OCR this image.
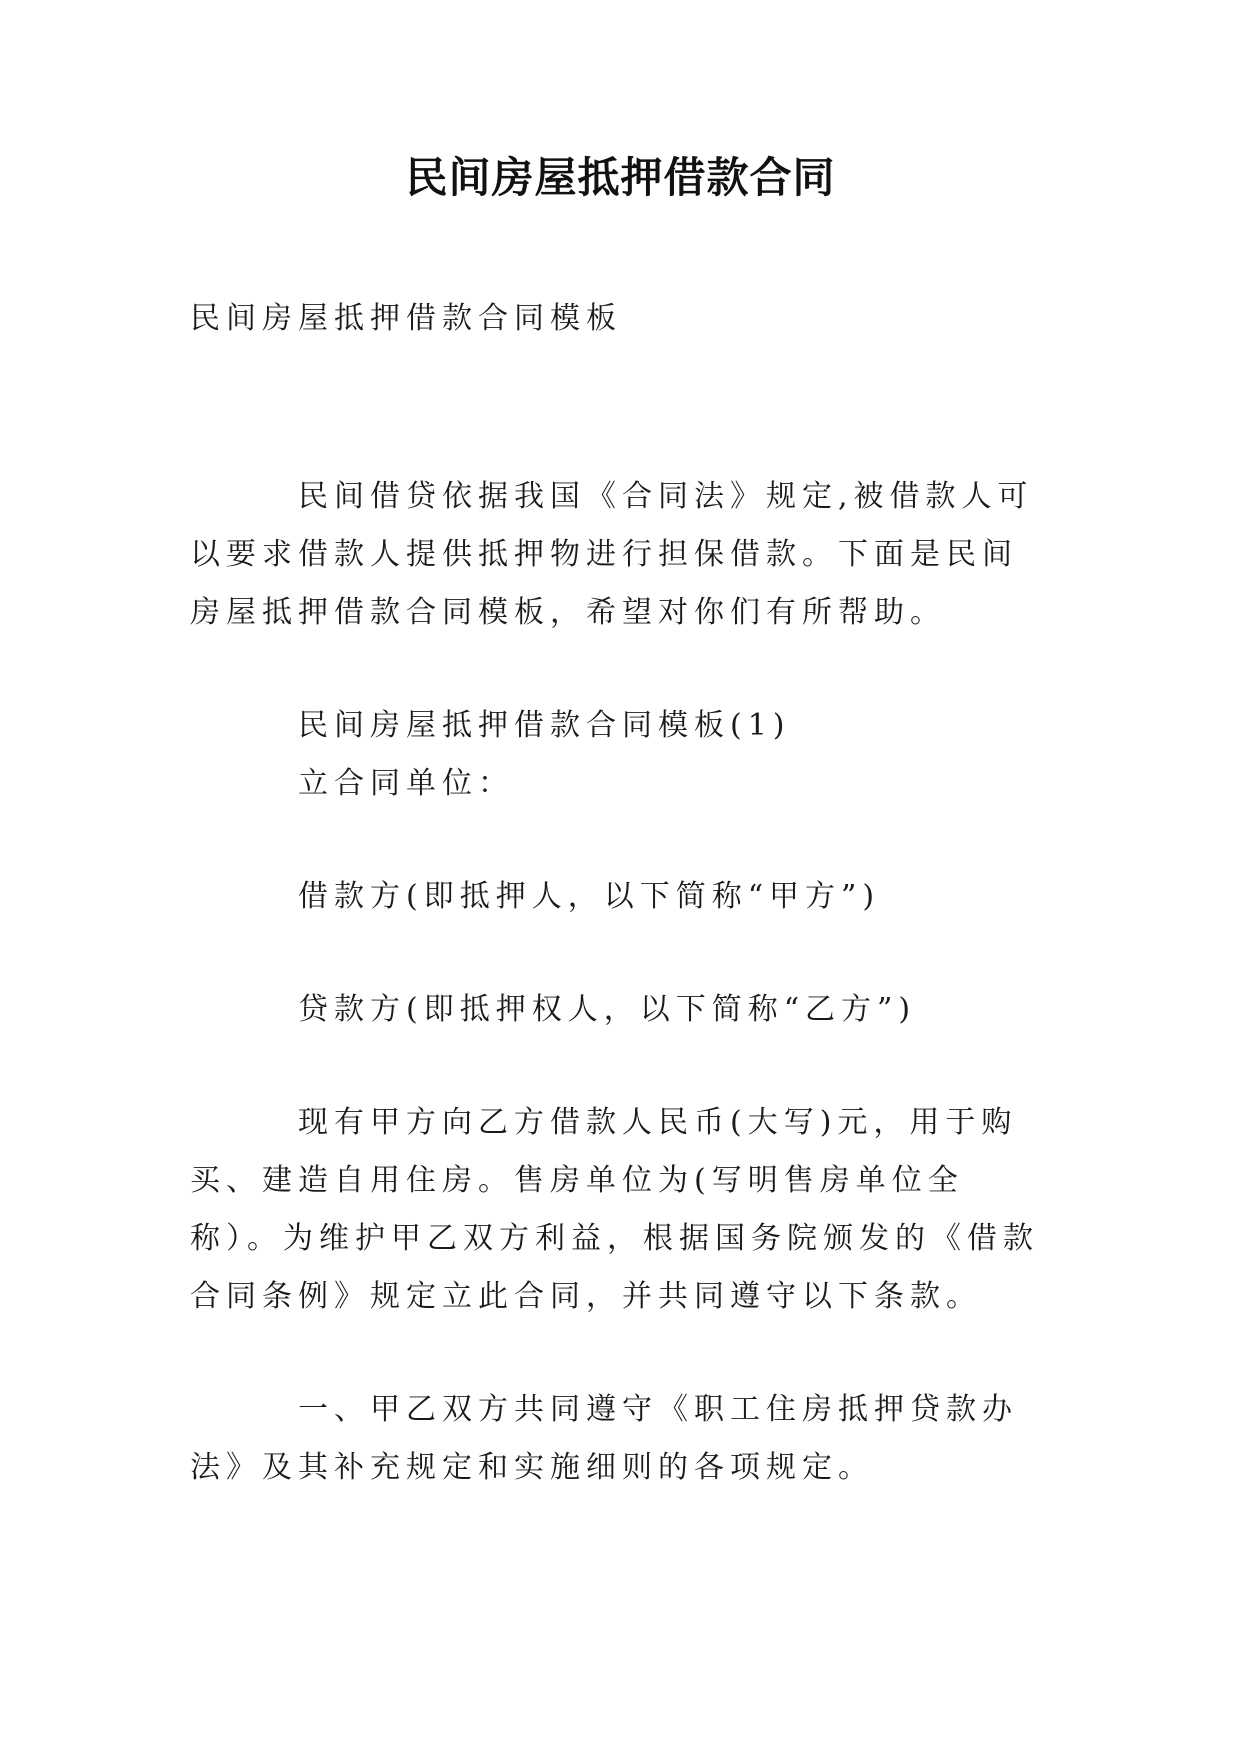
民间房屋抵押借款合同

民间房屋抵押借款合同模板

民间借贷依据我国《合同法》规定,被借款人可以要求借款人提供抵押物进行担保借款。下面是民间房屋抵押借款合同模板，希望对你们有所帮助。

民间房屋抵押借款合同模板(1)

立合同单位：

借款方(即抵押人，以下简称“甲方”)

贷款方(即抵押权人，以下简称“乙方”)

现有甲方向乙方借款人民币(大写)元，用于购买、建造自用住房。售房单位为(写明售房单位全称）。为维护甲乙双方利益，根据国务院颁发的《借款合同条例》规定立此合同，并共同遵守以下条款。

一、甲乙双方共同遵守《职工住房抵押贷款办法》及其补充规定和实施细则的各项规定。
